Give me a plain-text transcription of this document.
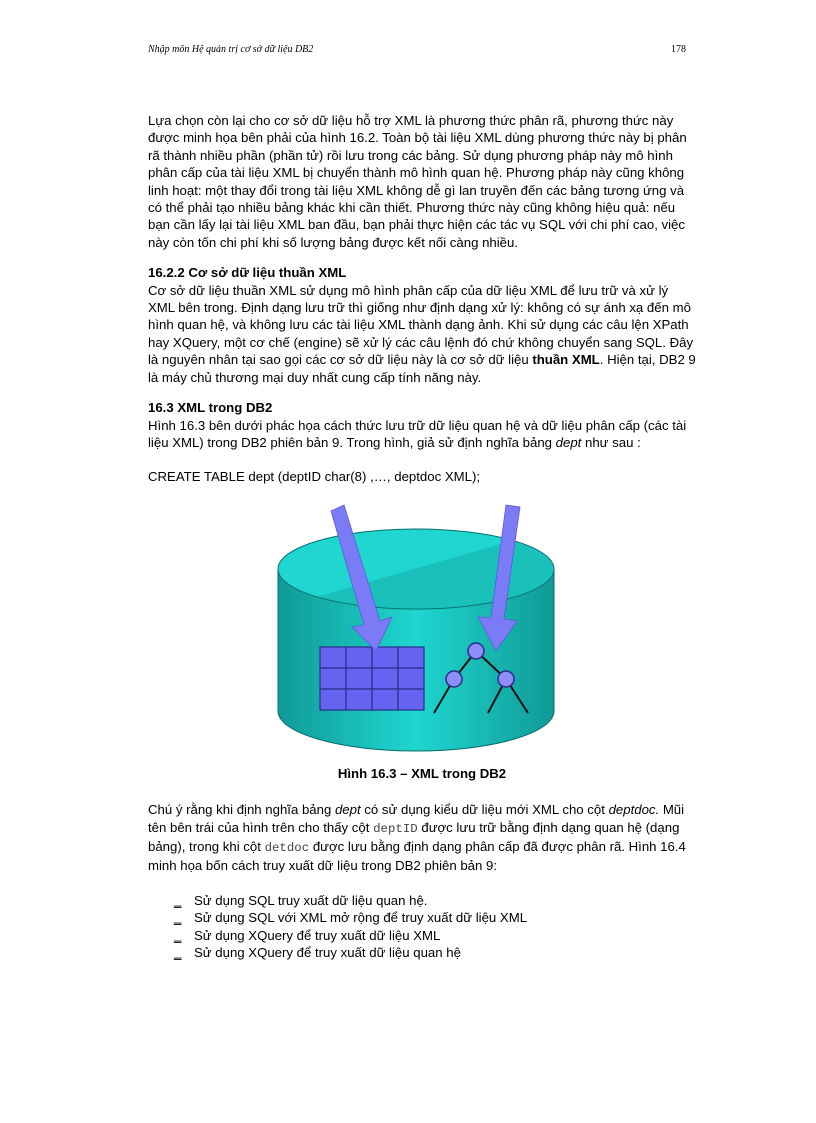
Nhập môn Hệ quản trị cơ sở dữ liệu DB2	178

Lựa chọn còn lại cho cơ sở dữ liệu hỗ trợ XML là phương thức phân rã, phương thức này được minh họa bên phải của hình 16.2. Toàn bộ tài liệu XML dùng phương thức này bị phân rã thành nhiều phần (phần tử) rồi lưu trong các bảng. Sử dụng phương pháp này mô hình phân cấp của tài liệu XML bị chuyển thành mô hình quan hệ. Phương pháp này cũng không linh hoạt: một thay đổi trong tài liệu XML không dễ gì lan truyền đến các bảng tương ứng và có thể phải tạo nhiều bảng khác khi cần thiết. Phương thức này cũng không hiệu quả: nếu bạn cần lấy lại tài liệu XML ban đầu, bạn phải thực hiện các tác vụ SQL với chi phí cao, việc này còn tốn chi phí khi số lượng bảng được kết nối càng nhiều.

16.2.2 Cơ sở dữ liệu thuần XML

Cơ sở dữ liệu thuần XML sử dụng mô hình phân cấp của dữ liệu XML để lưu trữ và xử lý XML bên trong. Định dạng lưu trữ thì giống như định dạng xử lý: không có sự ánh xạ đến mô hình quan hệ, và không lưu các tài liệu XML thành dạng ảnh. Khi sử dụng các câu lện XPath hay XQuery, một cơ chế (engine) sẽ xử lý các câu lệnh đó chứ không chuyển sang SQL. Đây là nguyên nhân tại sao gọi các cơ sở dữ liệu này là cơ sở dữ liệu thuần XML. Hiện tại, DB2 9 là máy chủ thương mại duy nhất cung cấp tính năng này.

16.3 XML trong DB2

Hình 16.3 bên dưới phác họa cách thức lưu trữ dữ liệu quan hệ và dữ liệu phân cấp (các tài liệu XML) trong DB2 phiên bản 9. Trong hình, giả sử định nghĩa bảng dept như sau :

CREATE TABLE dept (deptID char(8) ,…, deptdoc XML);

Hình 16.3 – XML trong DB2

Chú ý rằng khi định nghĩa bảng dept có sử dụng kiểu dữ liệu mới XML cho cột deptdoc. Mũi tên bên trái của hình trên cho thấy cột deptID được lưu trữ bằng định dạng quan hệ (dạng bảng), trong khi cột detdoc được lưu bằng định dạng phân cấp đã được phân rã. Hình 16.4 minh họa bốn cách truy xuất dữ liệu trong DB2 phiên bản 9:

‗ Sử dụng SQL truy xuất dữ liệu quan hệ.
‗ Sử dụng SQL với XML mở rộng để truy xuất dữ liệu XML
‗ Sử dụng XQuery để truy xuất dữ liệu XML
‗ Sử dụng XQuery để truy xuất dữ liệu quan hệ
